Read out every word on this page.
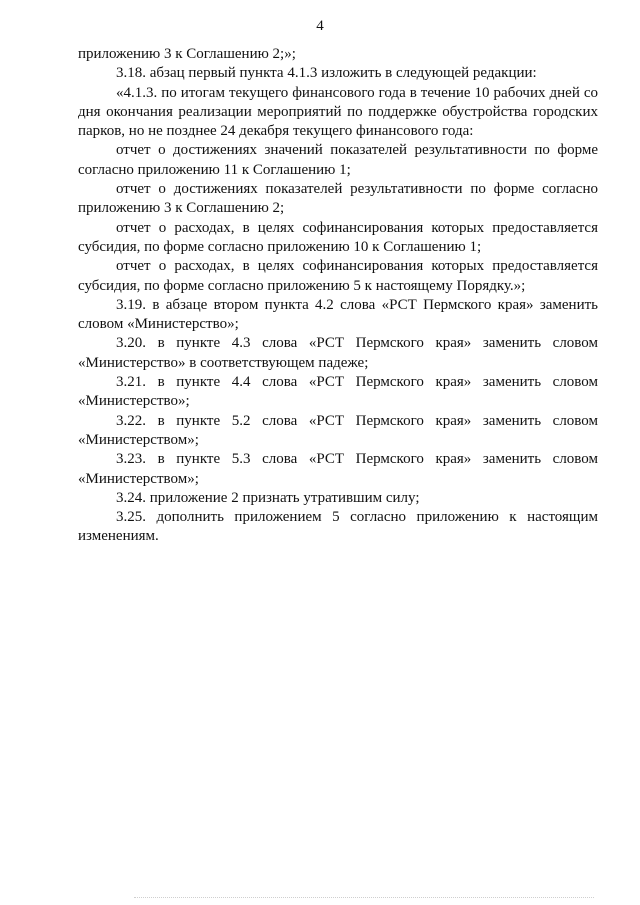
4

приложению 3 к Соглашению 2;»;

3.18. абзац первый пункта 4.1.3 изложить в следующей редакции:

«4.1.3. по итогам текущего финансового года в течение 10 рабочих дней со дня окончания реализации мероприятий по поддержке обустройства городских парков, но не позднее 24 декабря текущего финансового года:

отчет о достижениях значений показателей результативности по форме согласно приложению 11 к Соглашению 1;

отчет о достижениях показателей результативности по форме согласно приложению 3 к Соглашению 2;

отчет о расходах, в целях софинансирования которых предоставляется субсидия, по форме согласно приложению 10 к Соглашению 1;

отчет о расходах, в целях софинансирования которых предоставляется субсидия, по форме согласно приложению 5 к настоящему Порядку.»;

3.19. в абзаце втором пункта 4.2 слова «РСТ Пермского края» заменить словом «Министерство»;

3.20. в пункте 4.3 слова «РСТ Пермского края» заменить словом «Министерство» в соответствующем падеже;

3.21. в пункте 4.4 слова «РСТ Пермского края» заменить словом «Министерство»;

3.22. в пункте 5.2 слова «РСТ Пермского края» заменить словом «Министерством»;

3.23. в пункте 5.3 слова «РСТ Пермского края» заменить словом «Министерством»;

3.24. приложение 2 признать утратившим силу;

3.25. дополнить приложением 5 согласно приложению к настоящим изменениям.
